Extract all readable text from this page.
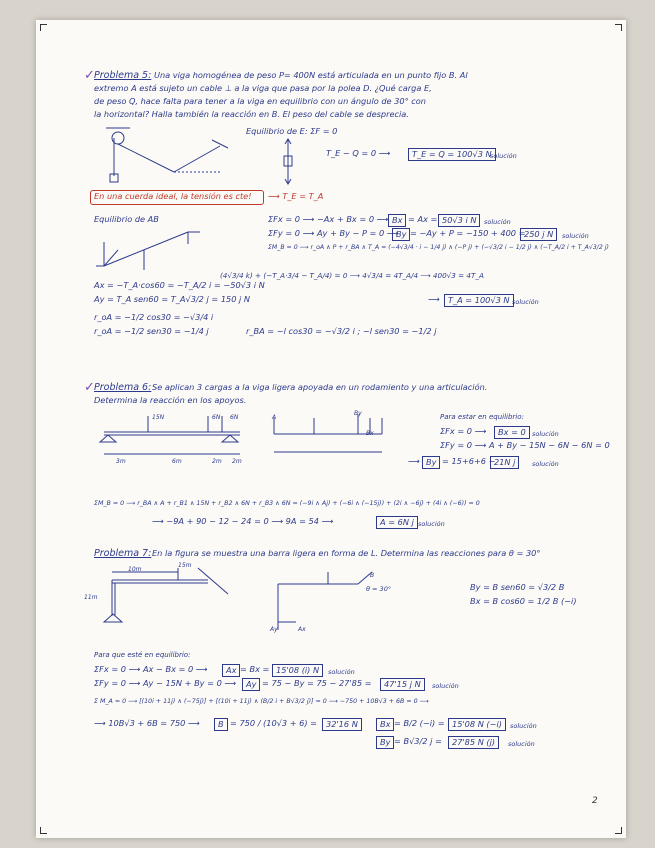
✓ Problema 5: Una viga homogénea de peso P= 400N está articulada en un punto fijo B. Al
extremo A está sujeto un cable ⊥ a la viga que pasa por la polea D. ¿Qué carga E,
de peso Q, hace falta para tener a la viga en equilibrio con un ángulo de 30° con
la horizontal? Halla también la reacción en B. El peso del cable se desprecia.
Equilibrio de E: ΣF = 0
T_E − Q = 0 ⟶	T_E = Q = 100√3 N
solución
En una cuerda ideal, la tensión es cte! ⟶ T_E = T_A
Equilibrio de AB	ΣFx = 0 ⟶ −Ax + Bx = 0 ⟶ Bx = Ax = 50√3 i N	solución
ΣFy = 0 ⟶ Ay + By − P = 0 ⟶
By = −Ay + P = −150 + 400 =
250 j N	solución
ΣM_B = 0 ⟶ r_oA ∧ P + r_BA ∧ T_A = (−4√3/4 · i − 1/4 j) ∧ (−P j) + (−√3/2 i − 1/2 j) ∧ (−T_A/2 i + T_A√3/2 j)
(4√3/4 k) + (−T_A·3/4 − T_A/4) = 0 ⟶ 4√3/4 = 4T_A/4 ⟶ 400√3 = 4T_A
Ax = −T_A·cos60 = −T_A/2 i = −50√3 i N
Ay = T_A sen60 = T_A√3/2 j = 150 j N	⟶	T_A = 100√3 N solución
r_oA = −1/2 cos30 = −√3/4 i
r_oA = −1/2 sen30 = −1/4 j	r_BA = −l cos30 = −√3/2 i ; −l sen30 = −1/2 j
✓ Problema 6: Se aplican 3 cargas a la viga ligera apoyada en un rodamiento y una articulación.
Determina la reacción en los apoyos.
15N	6N 6N
3m	6m	2m 2m
A
By
Bx
Para estar en equilibrio:
ΣFx = 0 ⟶	Bx = 0 solución
ΣFy = 0 ⟶ A + By − 15N − 6N − 6N = 0
⟶ By = 15+6+6 −
21N j	solución
ΣM_B = 0 ⟶ r_BA ∧ A + r_B1 ∧ 15N + r_B2 ∧ 6N + r_B3 ∧ 6N = (−9i ∧ Aj) + (−6i ∧ (−15j)) + (2i ∧ −6j) + (4i ∧ (−6)) = 0
⟶ −9A + 90 − 12 − 24 = 0 ⟶ 9A = 54 ⟶	A = 6N j solución
Problema 7: En la figura se muestra una barra ligera en forma de L. Determina las reacciones para θ = 30°
10m
15m
11m
B
θ = 30°
Ay	Ax
By = B sen60 = √3/2 B
Bx = B cos60 = 1/2 B (−i)
Para que esté en equilibrio:
ΣFx = 0 ⟶ Ax − Bx = 0 ⟶	Ax = Bx = 15'08 (i) N	solución
ΣFy = 0 ⟶ Ay − 15N + By = 0 ⟶	Ay = 75 − By = 75 − 27'85 =	47'15 j N	solución
Σ M_A = 0 ⟶ [(10i + 11j) ∧ (−75j)] + [(10i + 11j) ∧ (B/2 i + B√3/2 j)] = 0 ⟶ −750 + 10B√3 + 6B = 0 ⟶
⟶ 10B√3 + 6B = 750 ⟶	B = 750 / (10√3 + 6) =	32'16 N	Bx = B/2 (−i) = 15'08 N (−i)	solución
By = B√3/2 j =	27'85 N (j)	solución
2
